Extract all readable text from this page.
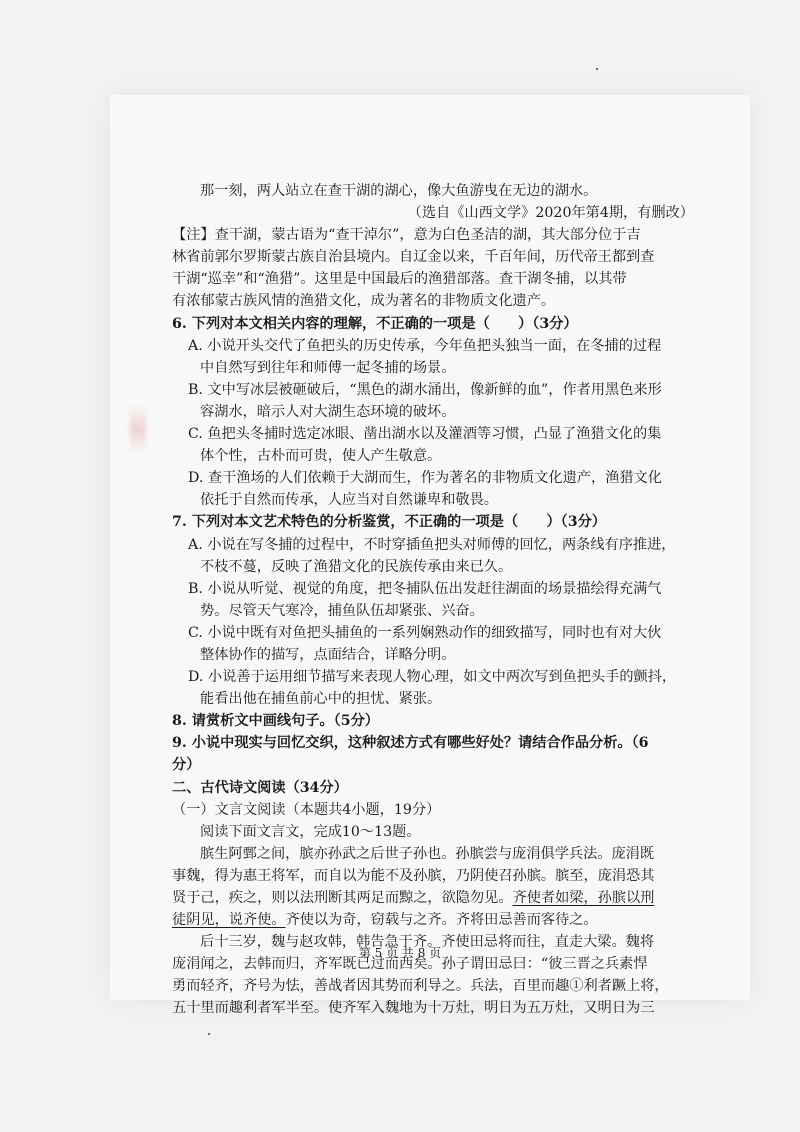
那一刻，两人站立在查干湖的湖心，像大鱼游曳在无边的湖水。
（选自《山西文学》2020年第4期，有删改）
【注】查干湖，蒙古语为“查干淖尔”，意为白色圣洁的湖，其大部分位于吉
林省前郭尔罗斯蒙古族自治县境内。自辽金以来，千百年间，历代帝王都到查
干湖“巡幸”和“渔猎”。这里是中国最后的渔猎部落。查干湖冬捕，以其带
有浓郁蒙古族风情的渔猎文化，成为著名的非物质文化遗产。
6. 下列对本文相关内容的理解，不正确的一项是（　　）（3分）
A. 小说开头交代了鱼把头的历史传承，今年鱼把头独当一面，在冬捕的过程
中自然写到往年和师傅一起冬捕的场景。
B. 文中写冰层被砸破后，“黑色的湖水涌出，像新鲜的血”，作者用黑色来形
容湖水，暗示人对大湖生态环境的破坏。
C. 鱼把头冬捕时选定冰眼、凿出湖水以及灌酒等习惯，凸显了渔猎文化的集
体个性，古朴而可贵，使人产生敬意。
D. 查干渔场的人们依赖于大湖而生，作为著名的非物质文化遗产，渔猎文化
依托于自然而传承，人应当对自然谦卑和敬畏。
7. 下列对本文艺术特色的分析鉴赏，不正确的一项是（　　）（3分）
A. 小说在写冬捕的过程中，不时穿插鱼把头对师傅的回忆，两条线有序推进，
不枝不蔓，反映了渔猎文化的民族传承由来已久。
B. 小说从听觉、视觉的角度，把冬捕队伍出发赶往湖面的场景描绘得充满气
势。尽管天气寒冷，捕鱼队伍却紧张、兴奋。
C. 小说中既有对鱼把头捕鱼的一系列娴熟动作的细致描写，同时也有对大伙
整体协作的描写，点面结合，详略分明。
D. 小说善于运用细节描写来表现人物心理，如文中两次写到鱼把头手的颤抖，
能看出他在捕鱼前心中的担忧、紧张。
8. 请赏析文中画线句子。（5分）
9. 小说中现实与回忆交织，这种叙述方式有哪些好处？请结合作品分析。（6
分）
二、古代诗文阅读（34分）
（一）文言文阅读（本题共4小题，19分）
阅读下面文言文，完成10～13题。
膑生阿鄄之间，膑亦孙武之后世子孙也。孙膑尝与庞涓俱学兵法。庞涓既
事魏，得为惠王将军，而自以为能不及孙膑，乃阴使召孙膑。膑至，庞涓恐其
贤于己，疾之，则以法刑断其两足而黥之，欲隐勿见。齐使者如梁，孙膑以刑
徒阴见，说齐使。齐使以为奇，窃载与之齐。齐将田忌善而客待之。
后十三岁，魏与赵攻韩，韩告急于齐。齐使田忌将而往，直走大梁。魏将
庞涓闻之，去韩而归，齐军既已过而西矣。孙子谓田忌曰：“彼三晋之兵素悍
勇而轻齐，齐号为怯，善战者因其势而利导之。兵法，百里而趣①利者蹶上将，
五十里而趣利者军半至。使齐军入魏地为十万灶，明日为五万灶，又明日为三
第 5 页 共 8 页
